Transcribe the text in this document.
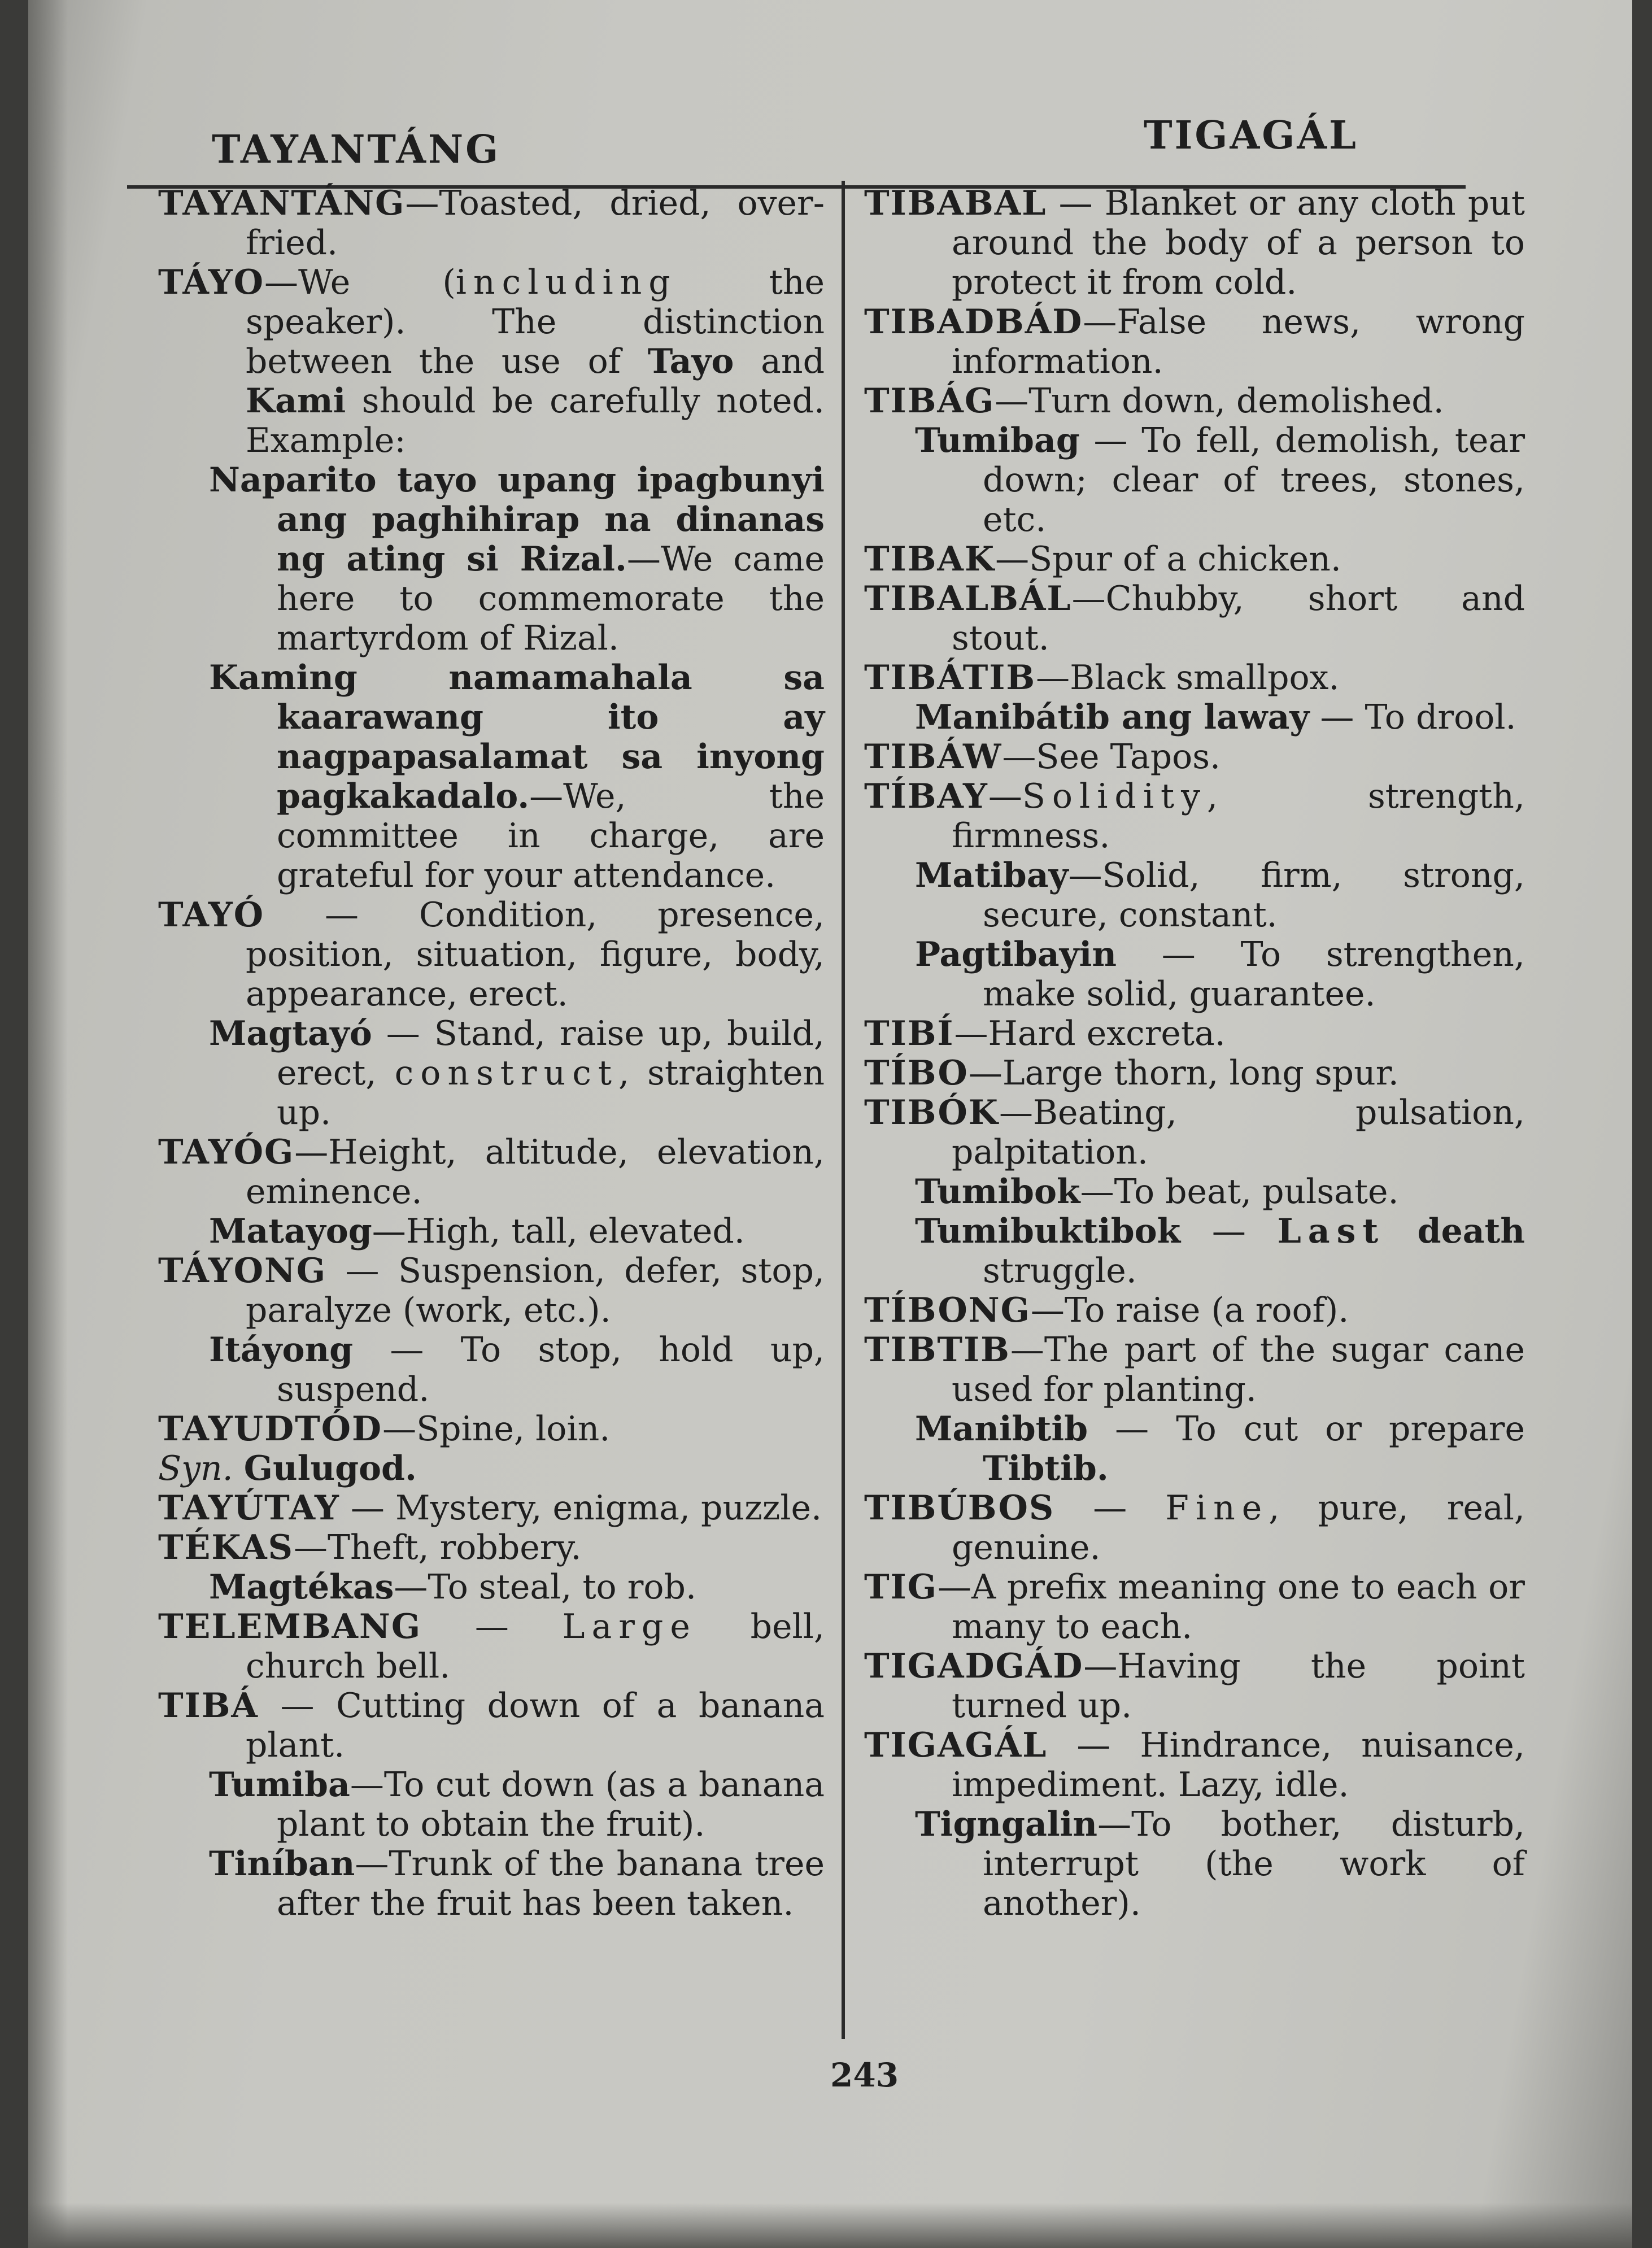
TAYANTÁNG	TIGAGÁL

TAYANTÁNG—Toasted, dried, over-fried.

TÁYO—We (including the speaker). The distinction between the use of Tayo and Kami should be carefully noted. Example:

Naparito tayo upang ipagbunyi ang paghihirap na dinanas ng ating si Rizal.—We came here to commemorate the martyrdom of Rizal.

Kaming namamahala sa kaarawang ito ay nagpapasalamat sa inyong pagkakadalo.—We, the committee in charge, are grateful for your attendance.

TAYÓ — Condition, presence, position, situation, figure, body, appearance, erect.

Magtayó — Stand, raise up, build, erect, construct, straighten up.

TAYÓG—Height, altitude, elevation, eminence.

Matayog—High, tall, elevated.

TÁYONG — Suspension, defer, stop, paralyze (work, etc.).

Itáyong — To stop, hold up, suspend.

TAYUDTÓD—Spine, loin.
Syn. Gulugod.

TAYÚTAY — Mystery, enigma, puzzle.

TÉKAS—Theft, robbery.

Magtékas—To steal, to rob.

TELEMBANG — Large bell, church bell.

TIBÁ — Cutting down of a banana plant.

Tumiba—To cut down (as a banana plant to obtain the fruit).

Tiníban—Trunk of the banana tree after the fruit has been taken.

TIBABAL — Blanket or any cloth put around the body of a person to protect it from cold.

TIBADBÁD—False news, wrong information.

TIBÁG—Turn down, demolished.

Tumibag — To fell, demolish, tear down; clear of trees, stones, etc.

TIBAK—Spur of a chicken.

TIBALBÁL—Chubby, short and stout.

TIBÁTIB—Black smallpox.

Manibátib ang laway — To drool.

TIBÁW—See Tapos.

TÍBAY—Solidity, strength, firmness.

Matibay—Solid, firm, strong, secure, constant.

Pagtibayin — To strengthen, make solid, guarantee.

TIBÍ—Hard excreta.

TÍBO—Large thorn, long spur.

TIBÓK—Beating, pulsation, palpitation.

Tumibok—To beat, pulsate.

Tumibuktibok — Last death struggle.

TÍBONG—To raise (a roof).

TIBTIB—The part of the sugar cane used for planting.

Manibtib — To cut or prepare Tibtib.

TIBÚBOS — Fine, pure, real, genuine.

TIG—A prefix meaning one to each or many to each.

TIGADGÁD—Having the point turned up.

TIGAGÁL — Hindrance, nuisance, impediment. Lazy, idle.

Tigngalin—To bother, disturb, interrupt (the work of another).

243
